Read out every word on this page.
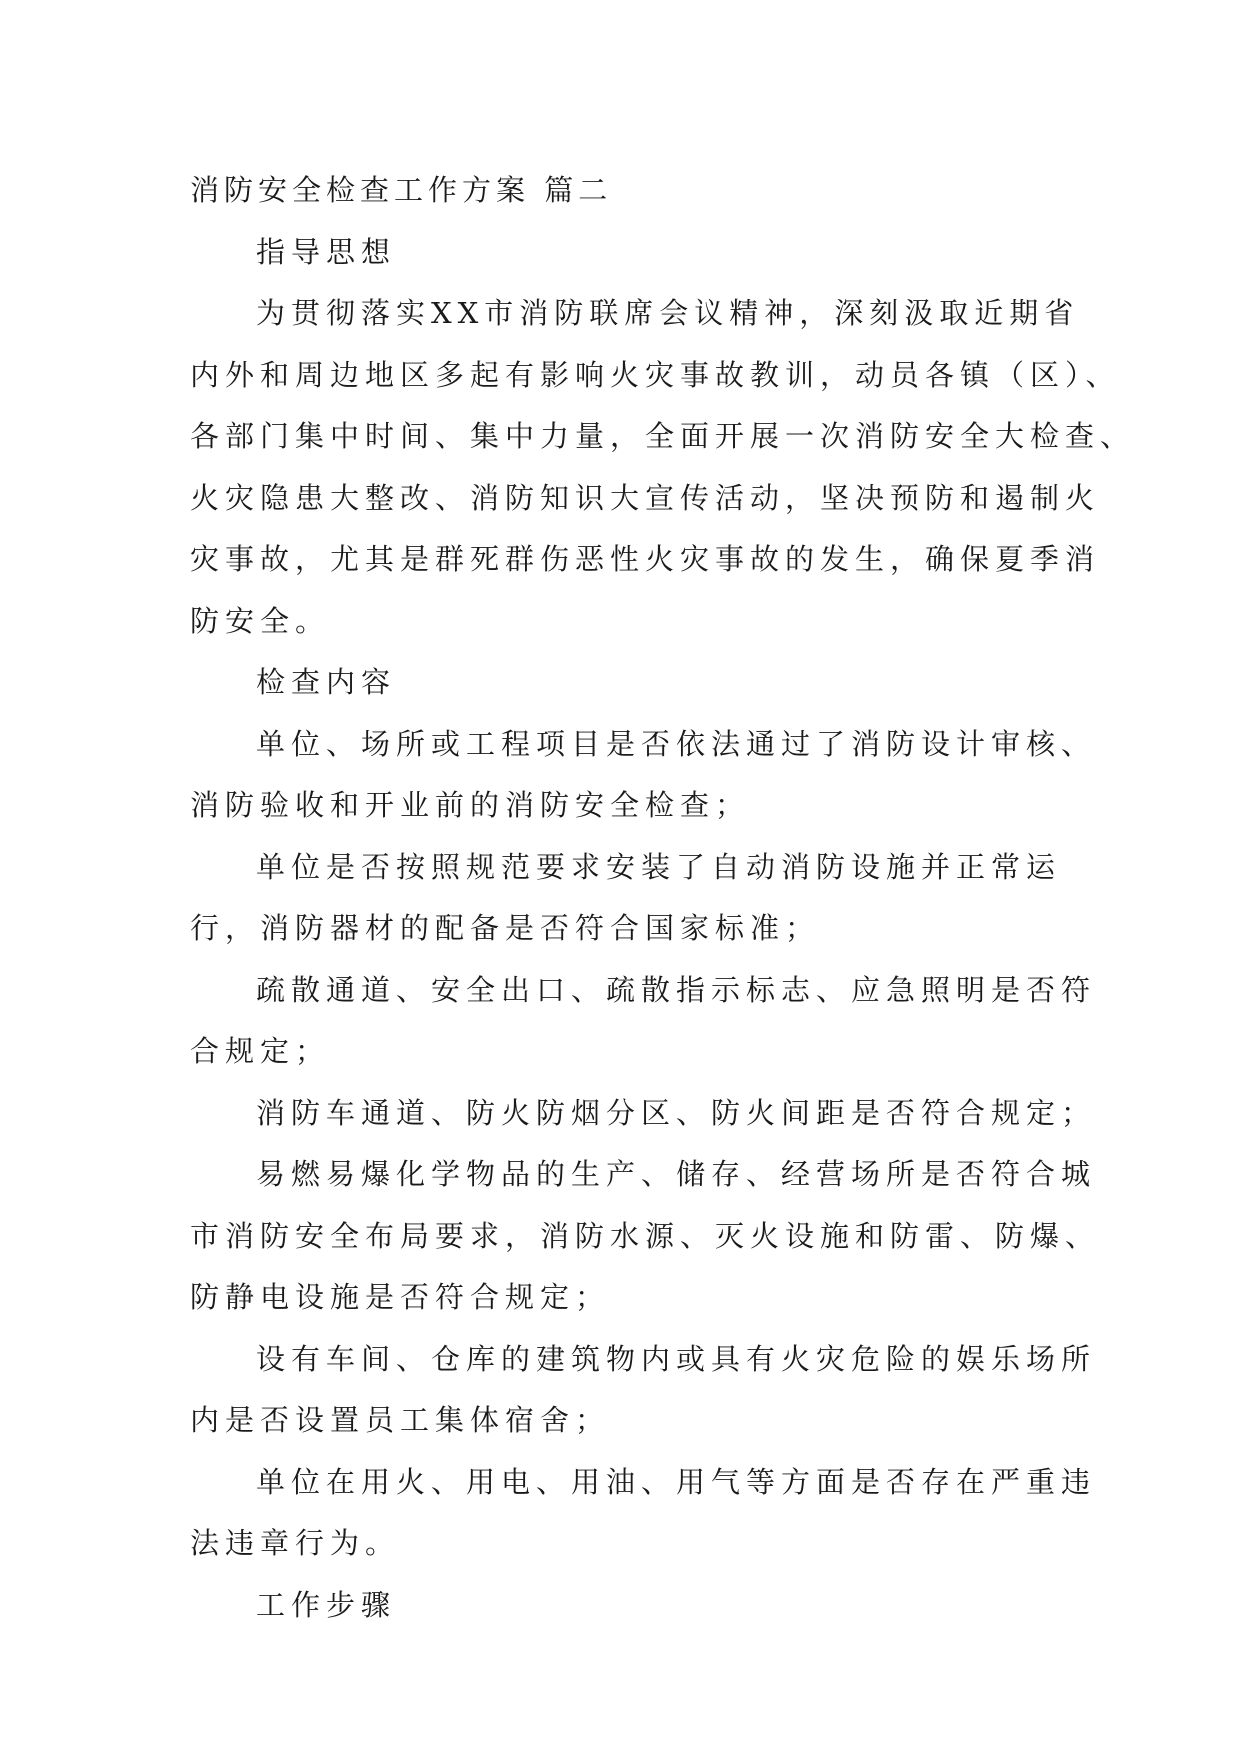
消防安全检查工作方案 篇二
指导思想
为贯彻落实XX市消防联席会议精神，深刻汲取近期省
内外和周边地区多起有影响火灾事故教训，动员各镇（区）、
各部门集中时间、集中力量，全面开展一次消防安全大检查、
火灾隐患大整改、消防知识大宣传活动，坚决预防和遏制火
灾事故，尤其是群死群伤恶性火灾事故的发生，确保夏季消
防安全。
检查内容
单位、场所或工程项目是否依法通过了消防设计审核、
消防验收和开业前的消防安全检查；
单位是否按照规范要求安装了自动消防设施并正常运
行，消防器材的配备是否符合国家标准；
疏散通道、安全出口、疏散指示标志、应急照明是否符
合规定；
消防车通道、防火防烟分区、防火间距是否符合规定；
易燃易爆化学物品的生产、储存、经营场所是否符合城
市消防安全布局要求，消防水源、灭火设施和防雷、防爆、
防静电设施是否符合规定；
设有车间、仓库的建筑物内或具有火灾危险的娱乐场所
内是否设置员工集体宿舍；
单位在用火、用电、用油、用气等方面是否存在严重违
法违章行为。
工作步骤
